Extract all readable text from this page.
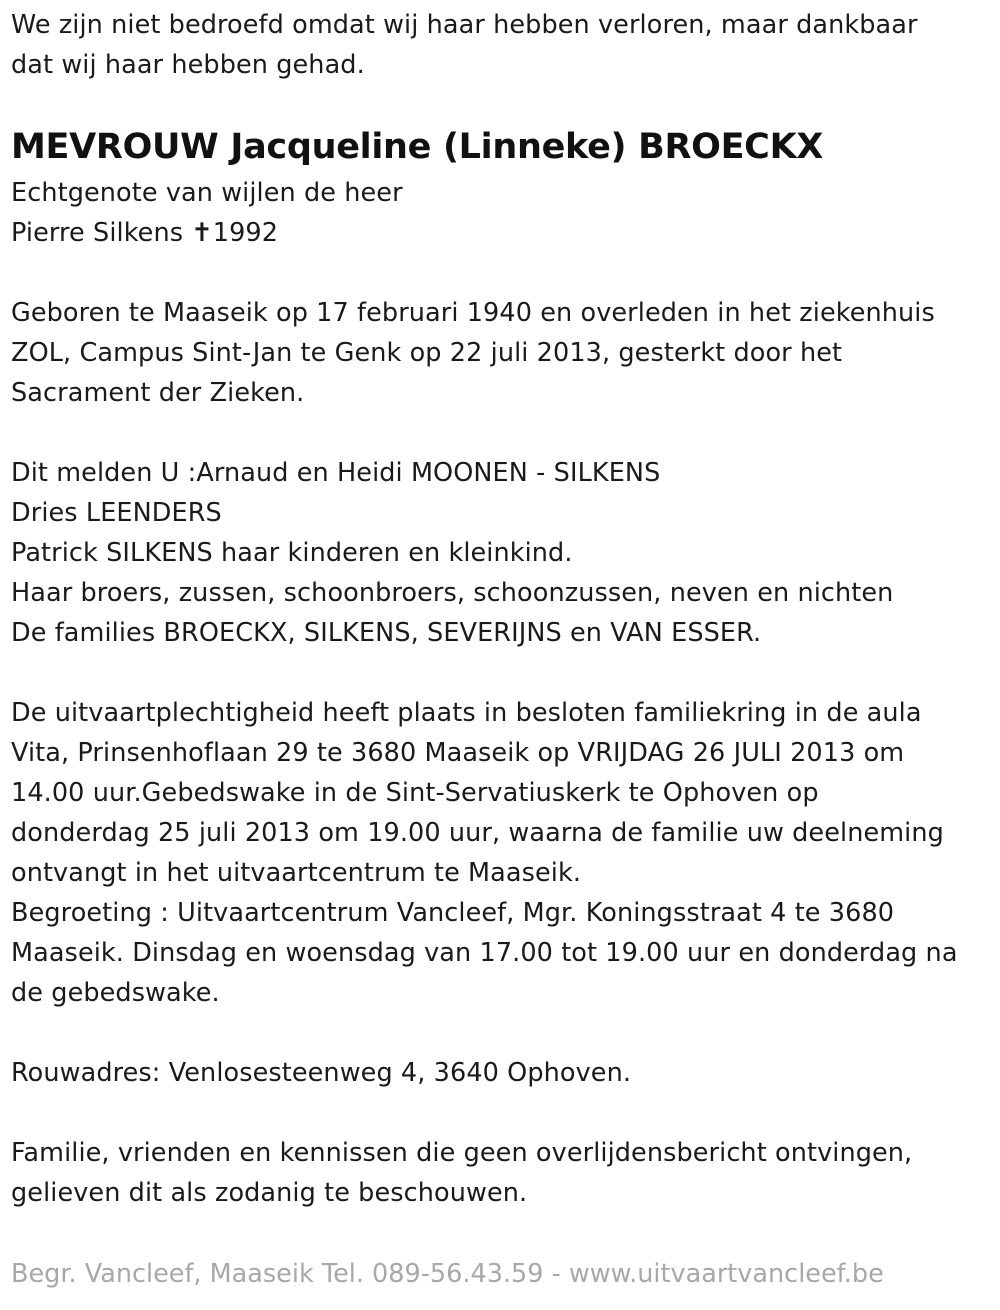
We zijn niet bedroefd omdat wij haar hebben verloren, maar dankbaar
dat wij haar hebben gehad.
MEVROUW Jacqueline (Linneke) BROECKX
Echtgenote van wijlen de heer
Pierre Silkens ✝1992
Geboren te Maaseik op 17 februari 1940 en overleden in het ziekenhuis
ZOL, Campus Sint-Jan te Genk op 22 juli 2013, gesterkt door het
Sacrament der Zieken.
Dit melden U :Arnaud en Heidi MOONEN - SILKENS
Dries LEENDERS
Patrick SILKENS haar kinderen en kleinkind.
Haar broers, zussen, schoonbroers, schoonzussen, neven en nichten
De families BROECKX, SILKENS, SEVERIJNS en VAN ESSER.
De uitvaartplechtigheid heeft plaats in besloten familiekring in de aula
Vita, Prinsenhoflaan 29 te 3680 Maaseik op VRIJDAG 26 JULI 2013 om
14.00 uur.Gebedswake in de Sint-Servatiuskerk te Ophoven op
donderdag 25 juli 2013 om 19.00 uur, waarna de familie uw deelneming
ontvangt in het uitvaartcentrum te Maaseik.
Begroeting : Uitvaartcentrum Vancleef, Mgr. Koningsstraat 4 te 3680
Maaseik. Dinsdag en woensdag van 17.00 tot 19.00 uur en donderdag na
de gebedswake.
Rouwadres: Venlosesteenweg 4, 3640 Ophoven.
Familie, vrienden en kennissen die geen overlijdensbericht ontvingen,
gelieven dit als zodanig te beschouwen.
Begr. Vancleef, Maaseik Tel. 089-56.43.59 - www.uitvaartvancleef.be
